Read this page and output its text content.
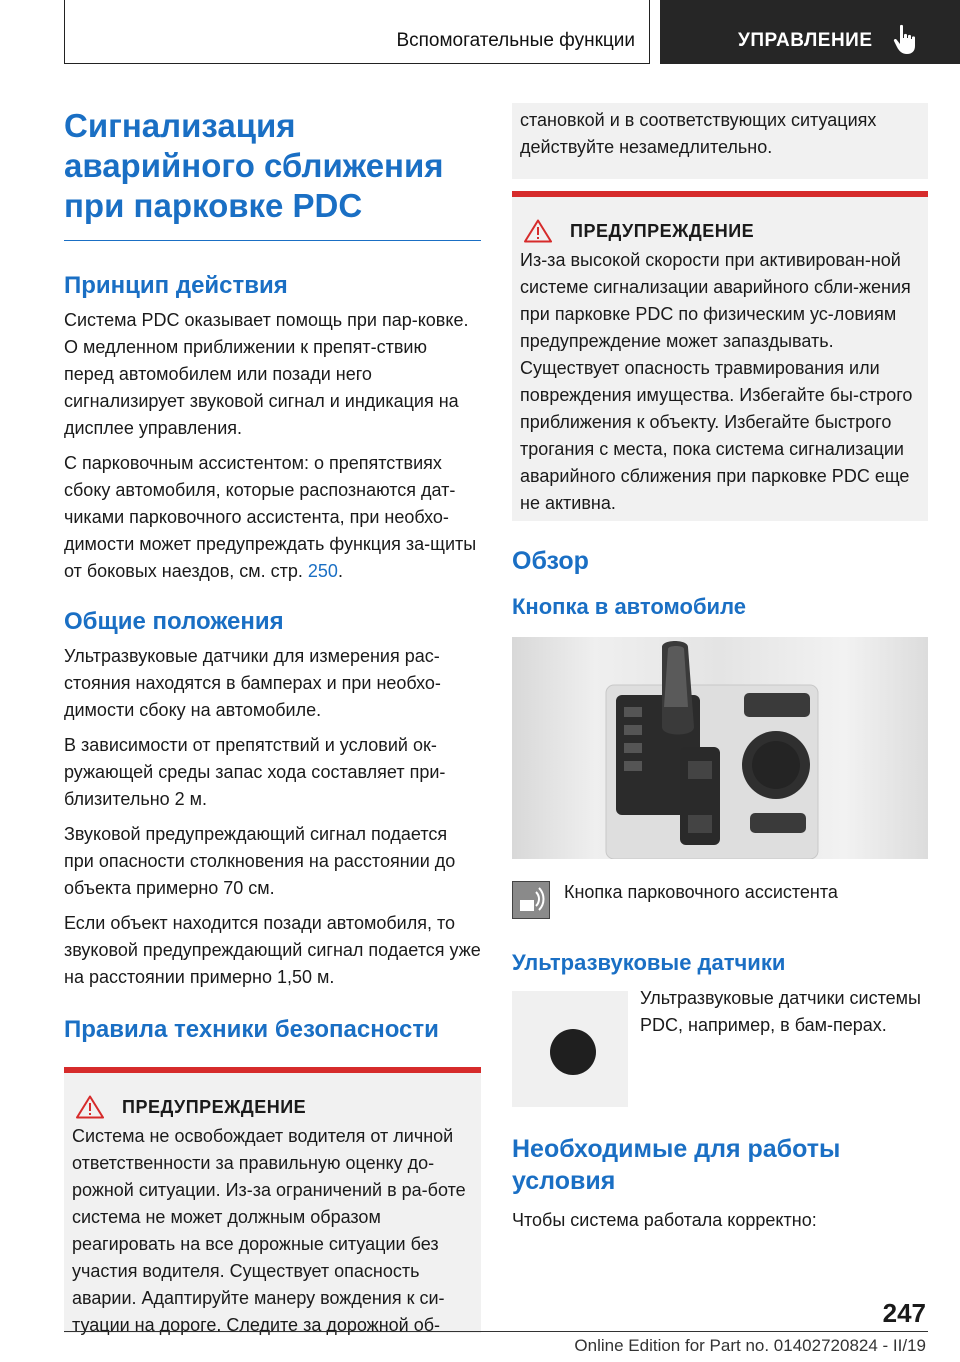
Вспомогательные функции	УПРАВЛЕНИЕ
Сигнализация аварийного сближения при парковке PDC
Принцип действия

Система PDC оказывает помощь при пар-ковке. О медленном приближении к препят-ствию перед автомобилем или позади него сигнализирует звуковой сигнал и индикация на дисплее управления.

С парковочным ассистентом: о препятствиях сбоку автомобиля, которые распознаются дат-чиками парковочного ассистента, при необхо-димости может предупреждать функция за-щиты от боковых наездов, см. стр. 250.

Общие положения

Ультразвуковые датчики для измерения рас-стояния находятся в бамперах и при необхо-димости сбоку на автомобиле.

В зависимости от препятствий и условий ок-ружающей среды запас хода составляет при-близительно 2 м.

Звуковой предупреждающий сигнал подается при опасности столкновения на расстоянии до объекта примерно 70 см.

Если объект находится позади автомобиля, то звуковой предупреждающий сигнал подается уже на расстоянии примерно 1,50 м.

Правила техники безопасности
ПРЕДУПРЕЖДЕНИЕ

Система не освобождает водителя от личной ответственности за правильную оценку до-рожной ситуации. Из-за ограничений в ра-боте система не может должным образом реагировать на все дорожные ситуации без участия водителя. Существует опасность аварии. Адаптируйте манеру вождения к си-туации на дороге. Следите за дорожной об-

становкой и в соответствующих ситуациях действуйте незамедлительно.

ПРЕДУПРЕЖДЕНИЕ

Из-за высокой скорости при активирован-ной системе сигнализации аварийного сбли-жения при парковке PDC по физическим ус-ловиям предупреждение может запаздывать. Существует опасность травмирования или повреждения имущества. Избегайте бы-строго приближения к объекту. Избегайте быстрого трогания с места, пока система сигнализации аварийного сближения при парковке PDC еще не активна.

Обзор
Кнопка в автомобиле

Кнопка парковочного ассистента

Ультразвуковые датчики

Ультразвуковые датчики системы PDC, например, в бам-перах.

Необходимые для работы условия

Чтобы система работала корректно:

247
Online Edition for Part no. 01402720824 - II/19
